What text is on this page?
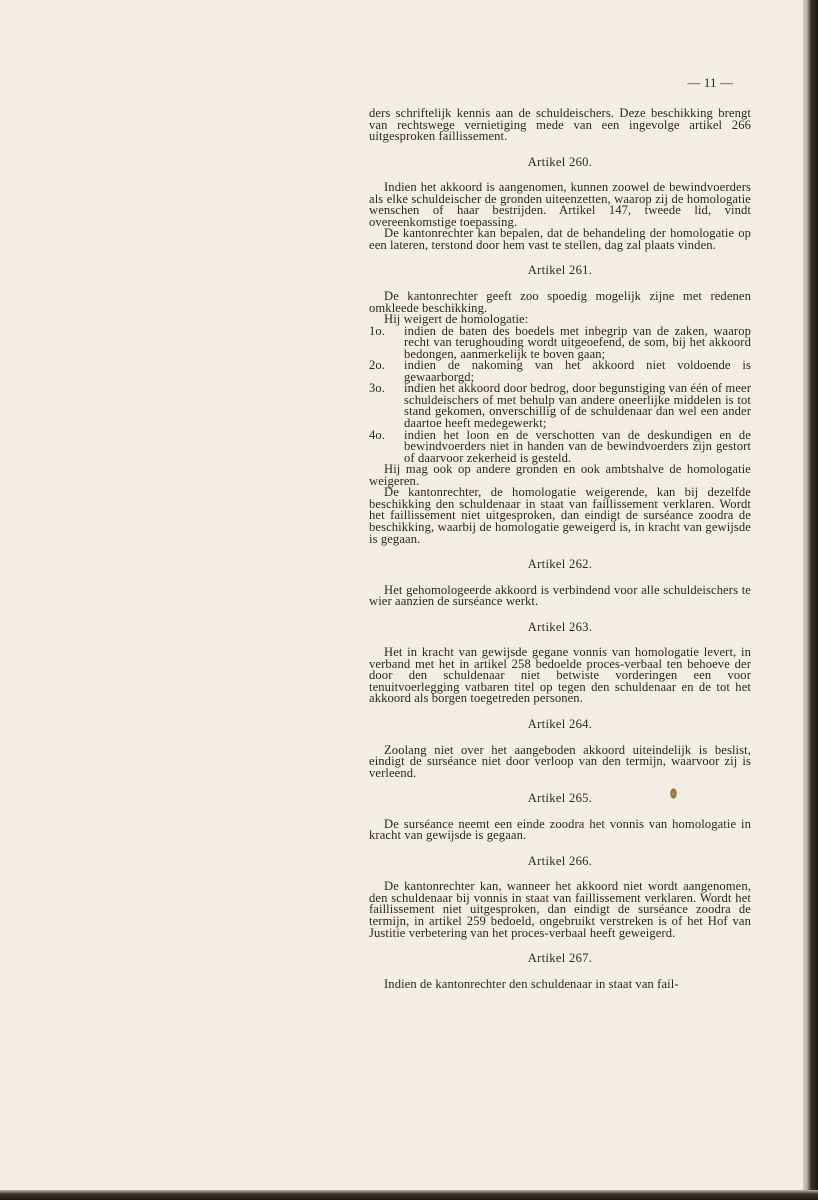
— 11 —

ders schriftelijk kennis aan de schuldeischers. Deze beschikking brengt van rechtswege vernietiging mede van een ingevolge artikel 266 uitgesproken faillissement.

Artikel 260.

Indien het akkoord is aangenomen, kunnen zoowel de bewindvoerders als elke schuldeischer de gronden uiteenzetten, waarop zij de homologatie wenschen of haar bestrijden. Artikel 147, tweede lid, vindt overeenkomstige toepassing.

De kantonrechter kan bepalen, dat de behandeling der homologatie op een lateren, terstond door hem vast te stellen, dag zal plaats vinden.

Artikel 261.

De kantonrechter geeft zoo spoedig mogelijk zijne met redenen omkleede beschikking.

Hij weigert de homologatie:

1o. indien de baten des boedels met inbegrip van de zaken, waarop recht van terughouding wordt uitgeoefend, de som, bij het akkoord bedongen, aanmerkelijk te boven gaan;
2o. indien de nakoming van het akkoord niet voldoende is gewaarborgd;
3o. indien het akkoord door bedrog, door begunstiging van één of meer schuldeischers of met behulp van andere oneerlijke middelen is tot stand gekomen, onverschillig of de schuldenaar dan wel een ander daartoe heeft medegewerkt;
4o. indien het loon en de verschotten van de deskundigen en de bewindvoerders niet in handen van de bewindvoerders zijn gestort of daarvoor zekerheid is gesteld.

Hij mag ook op andere gronden en ook ambtshalve de homologatie weigeren.

De kantonrechter, de homologatie weigerende, kan bij dezelfde beschikking den schuldenaar in staat van faillissement verklaren. Wordt het faillissement niet uitgesproken, dan eindigt de surséance zoodra de beschikking, waarbij de homologatie geweigerd is, in kracht van gewijsde is gegaan.

Artikel 262.

Het gehomologeerde akkoord is verbindend voor alle schuldeischers te wier aanzien de surséance werkt.

Artikel 263.

Het in kracht van gewijsde gegane vonnis van homologatie levert, in verband met het in artikel 258 bedoelde proces-verbaal ten behoeve der door den schuldenaar niet betwiste vorderingen een voor tenuitvoerlegging vatbaren titel op tegen den schuldenaar en de tot het akkoord als borgen toegetreden personen.

Artikel 264.

Zoolang niet over het aangeboden akkoord uiteindelijk is beslist, eindigt de surséance niet door verloop van den termijn, waarvoor zij is verleend.

Artikel 265.

De surséance neemt een einde zoodra het vonnis van homologatie in kracht van gewijsde is gegaan.

Artikel 266.

De kantonrechter kan, wanneer het akkoord niet wordt aangenomen, den schuldenaar bij vonnis in staat van faillissement verklaren. Wordt het faillissement niet uitgesproken, dan eindigt de surséance zoodra de termijn, in artikel 259 bedoeld, ongebruikt verstreken is of het Hof van Justitie verbetering van het proces-verbaal heeft geweigerd.

Artikel 267.

Indien de kantonrechter den schuldenaar in staat van fail-
